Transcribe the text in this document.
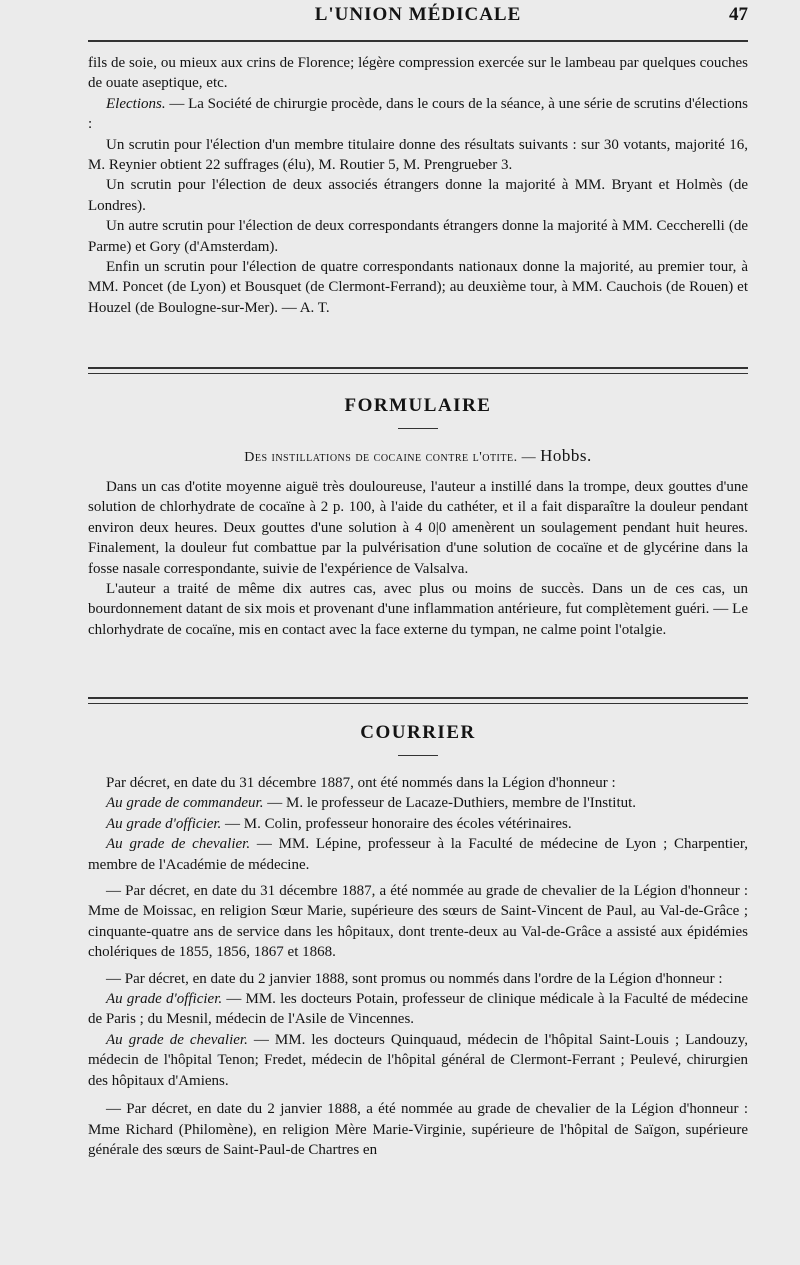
L'UNION MÉDICALE	47

fils de soie, ou mieux aux crins de Florence; légère compression exercée sur le lambeau par quelques couches de ouate aseptique, etc.

Elections. — La Société de chirurgie procède, dans le cours de la séance, à une série de scrutins d'élections :

Un scrutin pour l'élection d'un membre titulaire donne des résultats suivants : sur 30 votants, majorité 16, M. Reynier obtient 22 suffrages (élu), M. Routier 5, M. Prengrueber 3.

Un scrutin pour l'élection de deux associés étrangers donne la majorité à MM. Bryant et Holmès (de Londres).

Un autre scrutin pour l'élection de deux correspondants étrangers donne la majorité à MM. Ceccherelli (de Parme) et Gory (d'Amsterdam).

Enfin un scrutin pour l'élection de quatre correspondants nationaux donne la majorité, au premier tour, à MM. Poncet (de Lyon) et Bousquet (de Clermont-Ferrand); au deuxième tour, à MM. Cauchois (de Rouen) et Houzel (de Boulogne-sur-Mer). — A. T.

FORMULAIRE
Des instillations de cocaine contre l'otite. — Hobbs.

Dans un cas d'otite moyenne aiguë très douloureuse, l'auteur a instillé dans la trompe, deux gouttes d'une solution de chlorhydrate de cocaïne à 2 p. 100, à l'aide du cathéter, et il a fait disparaître la douleur pendant environ deux heures. Deux gouttes d'une solution à 4 0|0 amenèrent un soulagement pendant huit heures. Finalement, la douleur fut combattue par la pulvérisation d'une solution de cocaïne et de glycérine dans la fosse nasale correspondante, suivie de l'expérience de Valsalva.

L'auteur a traité de même dix autres cas, avec plus ou moins de succès. Dans un de ces cas, un bourdonnement datant de six mois et provenant d'une inflammation antérieure, fut complètement guéri. — Le chlorhydrate de cocaïne, mis en contact avec la face externe du tympan, ne calme point l'otalgie.

COURRIER

Par décret, en date du 31 décembre 1887, ont été nommés dans la Légion d'honneur :

Au grade de commandeur. — M. le professeur de Lacaze-Duthiers, membre de l'Institut.

Au grade d'officier. — M. Colin, professeur honoraire des écoles vétérinaires.

Au grade de chevalier. — MM. Lépine, professeur à la Faculté de médecine de Lyon ; Charpentier, membre de l'Académie de médecine.

— Par décret, en date du 31 décembre 1887, a été nommée au grade de chevalier de la Légion d'honneur : Mme de Moissac, en religion Sœur Marie, supérieure des sœurs de Saint-Vincent de Paul, au Val-de-Grâce ; cinquante-quatre ans de service dans les hôpitaux, dont trente-deux au Val-de-Grâce a assisté aux épidémies cholériques de 1855, 1856, 1867 et 1868.

— Par décret, en date du 2 janvier 1888, sont promus ou nommés dans l'ordre de la Légion d'honneur :

Au grade d'officier. — MM. les docteurs Potain, professeur de clinique médicale à la Faculté de médecine de Paris ; du Mesnil, médecin de l'Asile de Vincennes.

Au grade de chevalier. — MM. les docteurs Quinquaud, médecin de l'hôpital Saint-Louis ; Landouzy, médecin de l'hôpital Tenon; Fredet, médecin de l'hôpital général de Clermont-Ferrant ; Peulevé, chirurgien des hôpitaux d'Amiens.

— Par décret, en date du 2 janvier 1888, a été nommée au grade de chevalier de la Légion d'honneur : Mme Richard (Philomène), en religion Mère Marie-Virginie, supérieure de l'hôpital de Saïgon, supérieure générale des sœurs de Saint-Paul-de Chartres en
